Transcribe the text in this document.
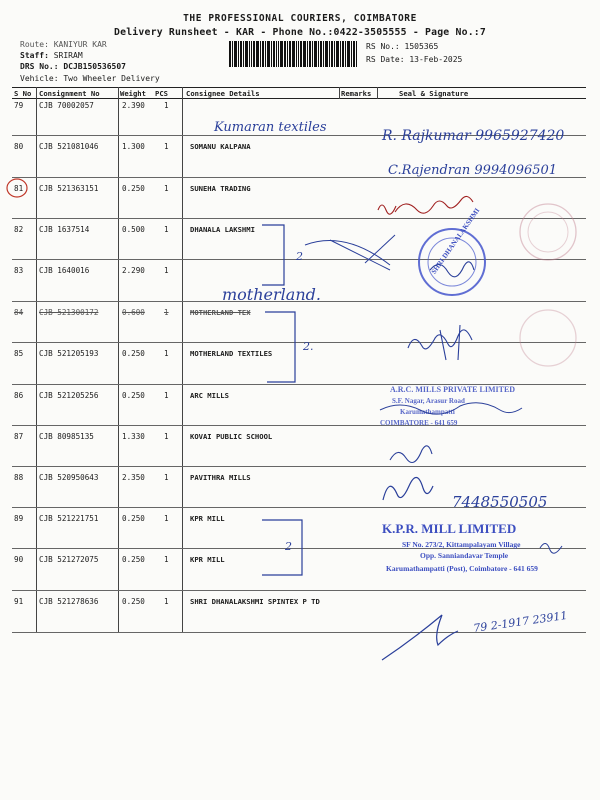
THE PROFESSIONAL COURIERS, COIMBATORE
Delivery Runsheet - KAR - Phone No.:0422-3505555 - Page No.:7
Route: KANIYUR KAR
Staff: SRIRAM
DRS No.: DCJB150536507
Vehicle: Two Wheeler Delivery
RS No.: 1505365
RS Date: 13-Feb-2025
S No Consignment No	Weight PCS	Consignee Details	Remarks	Seal & Signature
79 CJB 70002057	2.390	1
80 CJB 521081046	1.300	1	SOMANU KALPANA
81 CJB 521363151	0.250	1	SUNEHA TRADING
82 CJB 1637514	0.500	1	DHANALA LAKSHMI
83 CJB 1640016	2.290	1
84 CJB 521300172	0.600	1	MOTHERLAND TEX
85 CJB 521205193	0.250	1	MOTHERLAND TEXTILES
86 CJB 521205256	0.250	1	ARC MILLS
87 CJB 80985135	1.330	1	KOVAI PUBLIC SCHOOL
88 CJB 520950643	2.350	1	PAVITHRA MILLS
89 CJB 521221751	0.250	1	KPR MILL
90 CJB 521272075	0.250	1	KPR MILL
91 CJB 521278636	0.250	1	SHRI DHANALAKSHMI SPINTEX P TD
Kumaran textiles
R. Rajkumar 9965927420
C.Rajendran 9994096501
2
motherland.
SHRI DHANALAKSHMI
2.
A.R.C. MILLS PRIVATE LIMITED
S.F. Nagar, Arasur Road
Karumathampatti
COIMBATORE - 641 659
7448550505
2
K.P.R. MILL LIMITED
SF No. 273/2, Kittampalayam Village
Opp. Sanniandavar Temple
Karumathampatti (Post), Coimbatore - 641 659
79 2-1917 23911
